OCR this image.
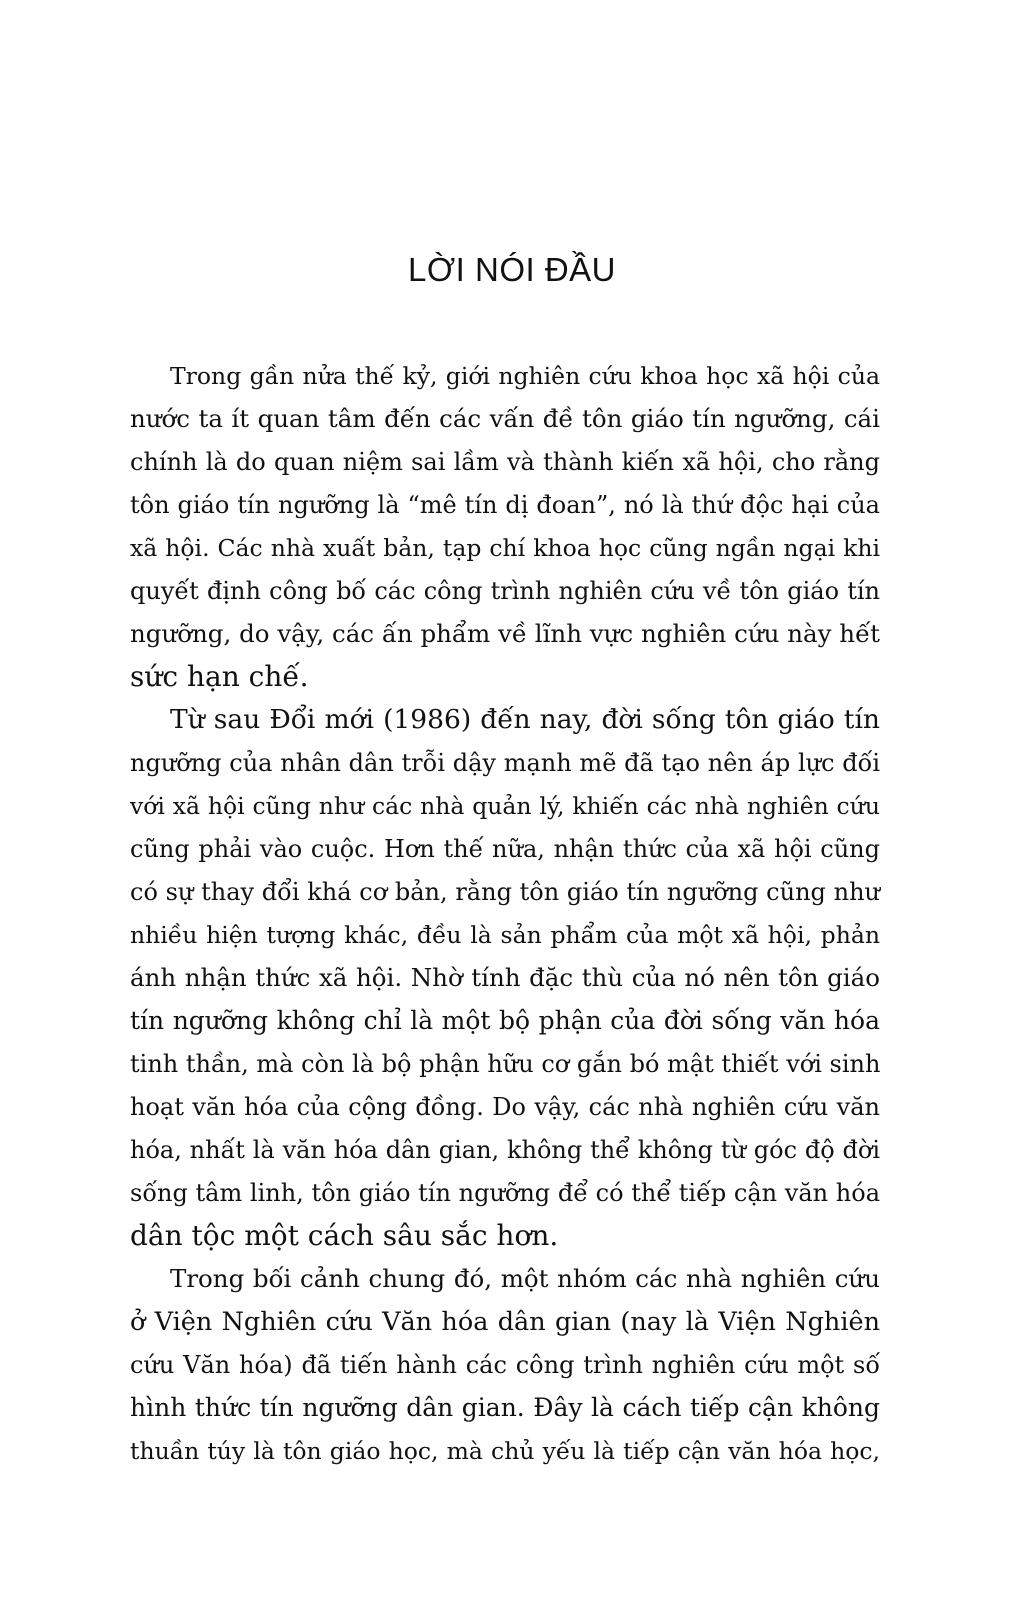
LỜI NÓI ĐẦU

Trong gần nửa thế kỷ, giới nghiên cứu khoa học xã hội của

nước ta ít quan tâm đến các vấn đề tôn giáo tín ngưỡng, cái

chính là do quan niệm sai lầm và thành kiến xã hội, cho rằng

tôn giáo tín ngưỡng là “mê tín dị đoan”, nó là thứ độc hại của

xã hội. Các nhà xuất bản, tạp chí khoa học cũng ngần ngại khi

quyết định công bố các công trình nghiên cứu về tôn giáo tín

ngưỡng, do vậy, các ấn phẩm về lĩnh vực nghiên cứu này hết

sức hạn chế.

Từ sau Đổi mới (1986) đến nay, đời sống tôn giáo tín

ngưỡng của nhân dân trỗi dậy mạnh mẽ đã tạo nên áp lực đối

với xã hội cũng như các nhà quản lý, khiến các nhà nghiên cứu

cũng phải vào cuộc. Hơn thế nữa, nhận thức của xã hội cũng

có sự thay đổi khá cơ bản, rằng tôn giáo tín ngưỡng cũng như

nhiều hiện tượng khác, đều là sản phẩm của một xã hội, phản

ánh nhận thức xã hội. Nhờ tính đặc thù của nó nên tôn giáo

tín ngưỡng không chỉ là một bộ phận của đời sống văn hóa

tinh thần, mà còn là bộ phận hữu cơ gắn bó mật thiết với sinh

hoạt văn hóa của cộng đồng. Do vậy, các nhà nghiên cứu văn

hóa, nhất là văn hóa dân gian, không thể không từ góc độ đời

sống tâm linh, tôn giáo tín ngưỡng để có thể tiếp cận văn hóa

dân tộc một cách sâu sắc hơn.

Trong bối cảnh chung đó, một nhóm các nhà nghiên cứu

ở Viện Nghiên cứu Văn hóa dân gian (nay là Viện Nghiên

cứu Văn hóa) đã tiến hành các công trình nghiên cứu một số

hình thức tín ngưỡng dân gian. Đây là cách tiếp cận không

thuần túy là tôn giáo học, mà chủ yếu là tiếp cận văn hóa học,
